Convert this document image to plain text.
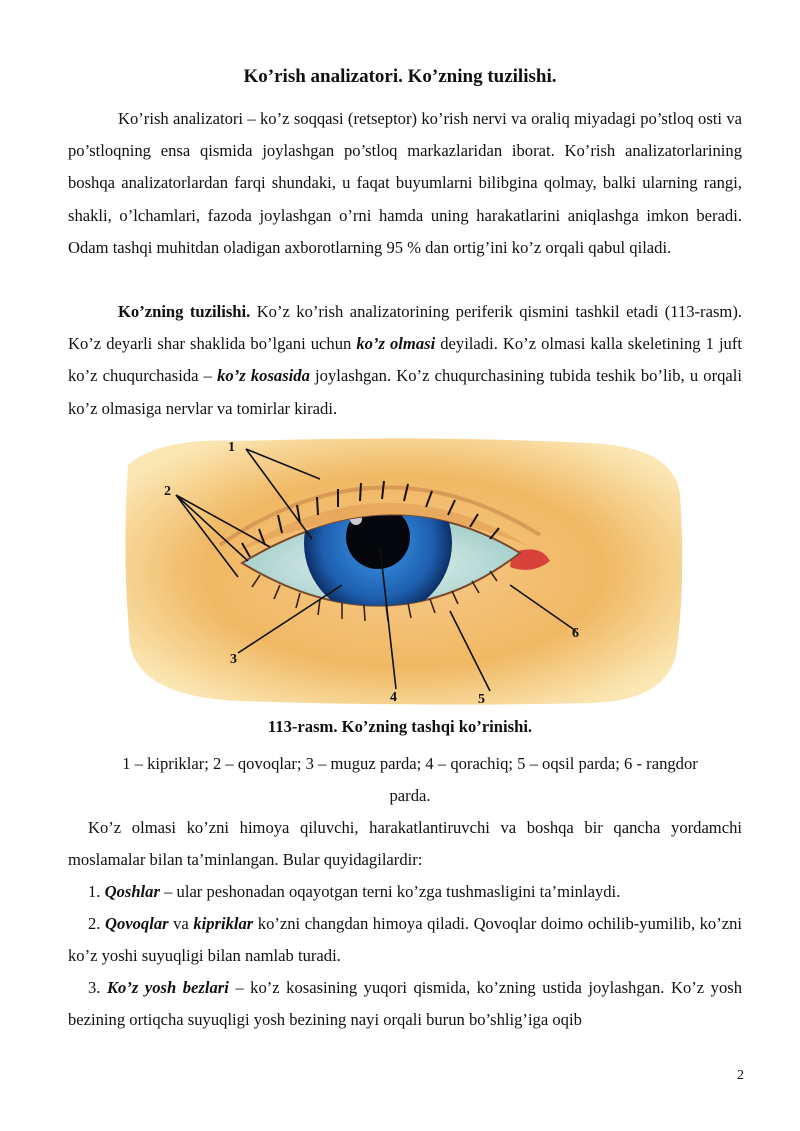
Ko’rish analizatori. Ko’zning tuzilishi.
Ko’rish analizatori – ko’z soqqasi (retseptor) ko’rish nervi va oraliq miyadagi po’stloq osti va po’stloqning ensa qismida joylashgan po’stloq markazlaridan iborat. Ko’rish analizatorlarining boshqa analizatorlardan farqi shundaki, u faqat buyumlarni bilibgina qolmay, balki ularning rangi, shakli, o’lchamlari, fazoda joylashgan o’rni hamda uning harakatlarini aniqlashga imkon beradi. Odam tashqi muhitdan oladigan axborotlarning 95 % dan ortig’ini ko’z orqali qabul qiladi.
Ko’zning tuzilishi. Ko’z ko’rish analizatorining periferik qismini tashkil etadi (113-rasm). Ko’z deyarli shar shaklida bo’lgani uchun ko’z olmasi deyiladi. Ko’z olmasi kalla skeletining 1 juft ko’z chuqurchasida – ko’z kosasida joylashgan. Ko’z chuqurchasining tubida teshik bo’lib, u orqali ko’z olmasiga nervlar va tomirlar kiradi.
1
2
3
4	5
6
113-rasm. Ko’zning tashqi ko’rinishi.
1 – kipriklar; 2 – qovoqlar; 3 – muguz parda; 4 – qorachiq; 5 – oqsil parda; 6 - rangdor parda.
Ko’z olmasi ko’zni himoya qiluvchi, harakatlantiruvchi va boshqa bir qancha yordamchi moslamalar bilan ta’minlangan. Bular quyidagilardir:
1. Qoshlar – ular peshonadan oqayotgan terni ko’zga tushmasligini ta’minlaydi.
2. Qovoqlar va kipriklar ko’zni changdan himoya qiladi. Qovoqlar doimo ochilib-yumilib, ko’zni ko’z yoshi suyuqligi bilan namlab turadi.
3. Ko’z yosh bezlari – ko’z kosasining yuqori qismida, ko’zning ustida joylashgan. Ko’z yosh bezining ortiqcha suyuqligi yosh bezining nayi orqali burun bo’shlig’iga oqib
2
